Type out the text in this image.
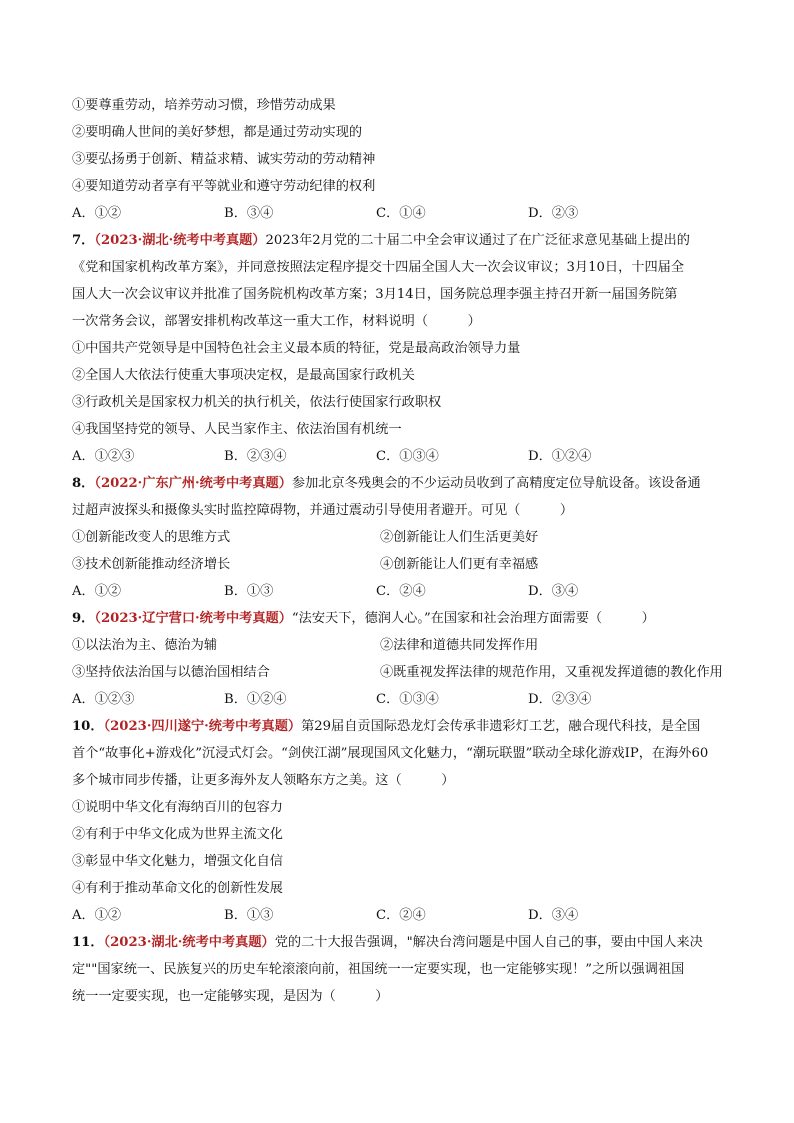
①要尊重劳动，培养劳动习惯，珍惜劳动成果
②要明确人世间的美好梦想，都是通过劳动实现的
③要弘扬勇于创新、精益求精、诚实劳动的劳动精神
④要知道劳动者享有平等就业和遵守劳动纪律的权利
A．①②	B．③④	C．①④	D．②③
7．（2023·湖北·统考中考真题）2023年2月党的二十届二中全会审议通过了在广泛征求意见基础上提出的
《党和国家机构改革方案》，并同意按照法定程序提交十四届全国人大一次会议审议；3月10日，十四届全
国人大一次会议审议并批准了国务院机构改革方案；3月14日，国务院总理李强主持召开新一届国务院第
一次常务会议，部署安排机构改革这一重大工作，材料说明（　　　）
①中国共产党领导是中国特色社会主义最本质的特征，党是最高政治领导力量
②全国人大依法行使重大事项决定权，是最高国家行政机关
③行政机关是国家权力机关的执行机关，依法行使国家行政职权
④我国坚持党的领导、人民当家作主、依法治国有机统一
A．①②③	B．②③④	C．①③④	D．①②④
8．（2022·广东广州·统考中考真题）参加北京冬残奥会的不少运动员收到了高精度定位导航设备。该设备通
过超声波探头和摄像头实时监控障碍物，并通过震动引导使用者避开。可见（　　　）
①创新能改变人的思维方式	②创新能让人们生活更美好
③技术创新能推动经济增长	④创新能让人们更有幸福感
A．①②	B．①③	C．②④	D．③④
9．（2023·辽宁营口·统考中考真题）“法安天下，德润人心。”在国家和社会治理方面需要（　　　）
①以法治为主、德治为辅	②法律和道德共同发挥作用
③坚持依法治国与以德治国相结合	④既重视发挥法律的规范作用，又重视发挥道德的教化作用
A．①②③	B．①②④	C．①③④	D．②③④
10．（2023·四川遂宁·统考中考真题）第29届自贡国际恐龙灯会传承非遗彩灯工艺，融合现代科技，是全国
首个“故事化+游戏化”沉浸式灯会。“剑侠江湖”展现国风文化魅力，“潮玩联盟”联动全球化游戏IP，在海外60
多个城市同步传播，让更多海外友人领略东方之美。这（　　　）
①说明中华文化有海纳百川的包容力
②有利于中华文化成为世界主流文化
③彰显中华文化魅力，增强文化自信
④有利于推动革命文化的创新性发展
A．①②	B．①③	C．②④	D．③④
11．（2023·湖北·统考中考真题）党的二十大报告强调，"解决台湾问题是中国人自己的事，要由中国人来决
定""国家统一、民族复兴的历史车轮滚滚向前，祖国统一一定要实现，也一定能够实现！”之所以强调祖国
统一一定要实现，也一定能够实现，是因为（　　　）
